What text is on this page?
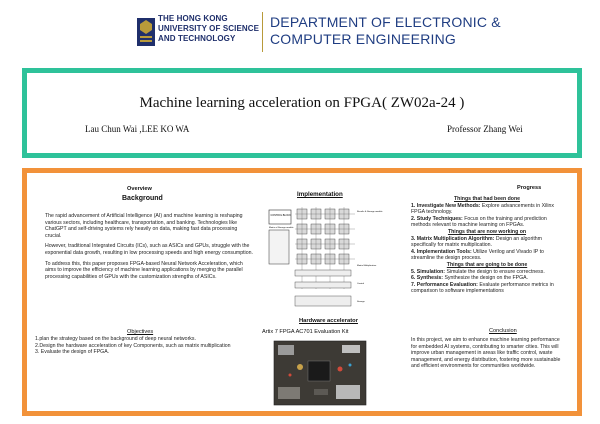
THE HONG KONG
UNIVERSITY OF SCIENCE
AND TECHNOLOGY
DEPARTMENT OF ELECTRONIC &
COMPUTER ENGINEERING
Machine learning acceleration on FPGA( ZW02a-24 )
Lau Chun Wai ,LEE KO WA	Professor Zhang Wei
Overview
Background

The rapid advancement of Artificial Intelligence (AI) and machine learning is reshaping various sectors, including healthcare, transportation, and banking. Technologies like ChatGPT and self-driving systems rely heavily on data, making fast data processing crucial.

However, traditional Integrated Circuits (ICs), such as ASICs and GPUs, struggle with the exponential data growth, resulting in low processing speeds and high energy consumption.

To address this, this paper proposes FPGA-based Neural Network Acceleration, which aims to improve the efficiency of machine learning applications by merging the parallel processing capabilities of GPUs with the customization strengths of ASICs.

Objectives
1.plan the strategy based on the background of deep neural networks.
2.Design the hardware acceleration of key Components, such as matrix multiplication
3. Evaluate the design of FPGA.
Implementation
CONTROL BLOCK
Matrix of Storage module
Results & Storage module
Matrix Multiplication
Control
Storage
Hardware accelerator
Artix 7 FPGA AC701 Evaluation Kit
Progress
Things that had been done
1. Investigate New Methods: Explore advancements in Xilinx FPGA technology.
2. Study Techniques: Focus on the training and prediction methods relevant to machine learning on FPGAs.
Things that are now working on
3. Matrix Multiplication Algorithm: Design an algorithm specifically for matrix multiplication.
4. Implementation Tools: Utilize Verilog and Vivado IP to streamline the design process.
Things that are going to be done
5. Simulation: Simulate the design to ensure correctness.
6. Synthesis: Synthesize the design on the FPGA.
7. Performance Evaluation: Evaluate performance metrics in comparison to software implementations
Conclusion
In this project, we aim to enhance machine learning performance for embedded AI systems, contributing to smarter cities. This will improve urban management in areas like traffic control, waste management, and energy distribution, fostering more sustainable and efficient environments for communities worldwide.
